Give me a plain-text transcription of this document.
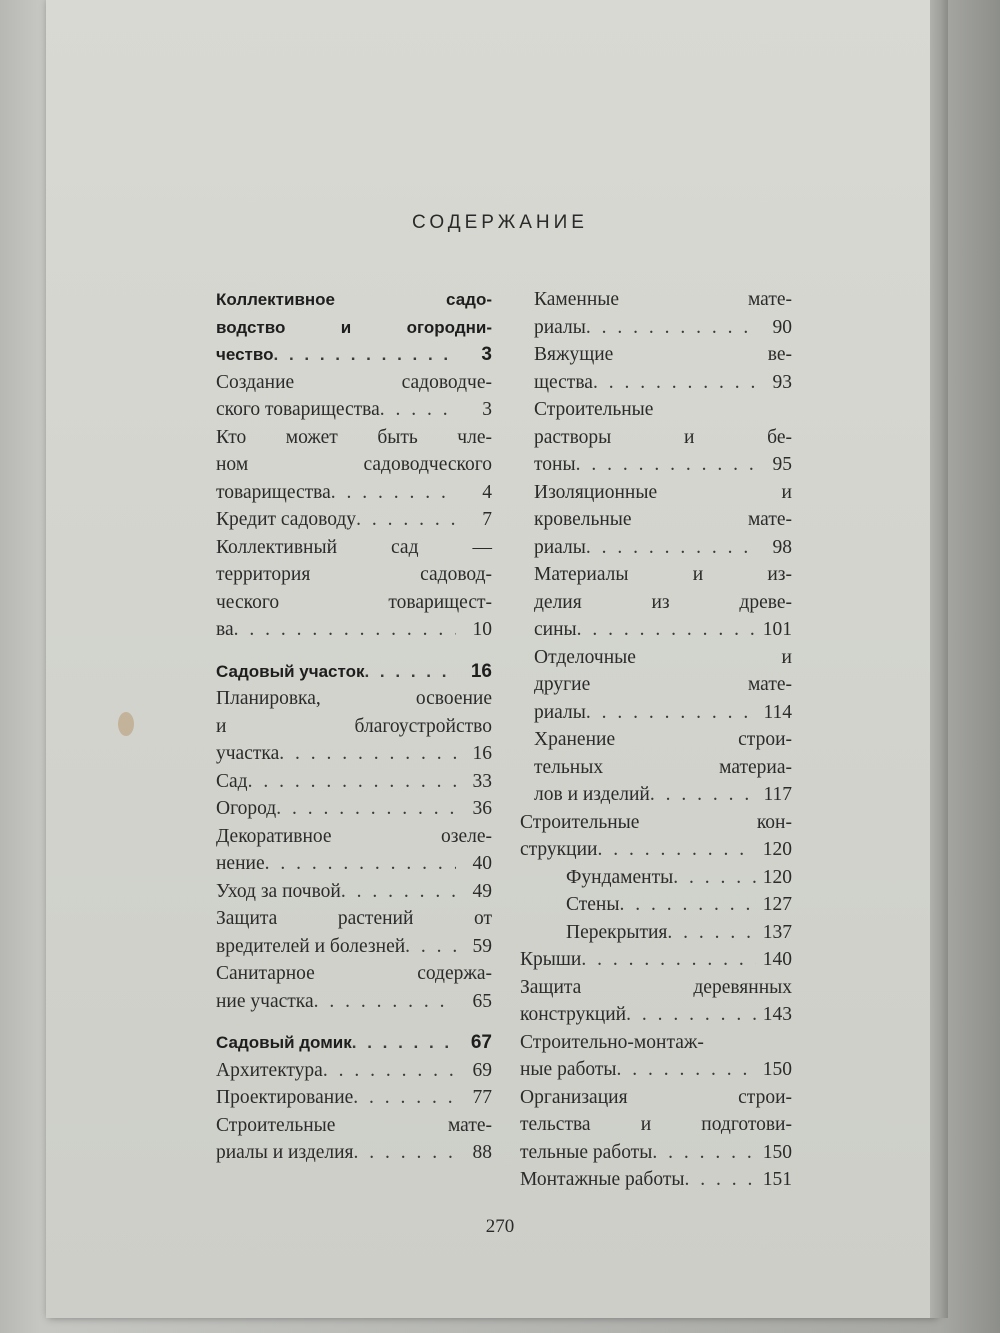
СОДЕРЖАНИЕ
Коллективное садо-
водство и огородни-
чество . . .	3
Создание садоводче-
ского товарищества . . .	3
Кто может быть чле-
ном садоводческого
товарищества . . .	4
Кредит садоводу . . .	7
Коллективный сад —
территория садовод-
ческого товарищест-
ва . . .	10
Садовый участок . . .	16
Планировка, освоение
и благоустройство
участка . . .	16
Сад . . .	33
Огород . . .	36
Декоративное озеле-
нение . . .	40
Уход за почвой . . .	49
Защита растений от
вредителей и болезней . . .	59
Санитарное содержа-
ние участка . . .	65
Садовый домик . . .	67
Архитектура . . .	69
Проектирование . . .	77
Строительные мате-
риалы и изделия . . .	88
Каменные мате-
риалы . . .	90
Вяжущие ве-
щества . . .	93
Строительные
растворы и бе-
тоны . . .	95
Изоляционные и
кровельные мате-
риалы . . .	98
Материалы и из-
делия из древе-
сины . . .	101
Отделочные и
другие мате-
риалы . . .	114
Хранение строи-
тельных материа-
лов и изделий . . .	117
Строительные кон-
струкции . . .	120
Фундаменты . . .	120
Стены . . .	127
Перекрытия . . .	137
Крыши . . .	140
Защита деревянных
конструкций . . .	143
Строительно-монтаж-
ные работы . . .	150
Организация строи-
тельства и подготови-
тельные работы . . .	150
Монтажные работы . . .	151
270
